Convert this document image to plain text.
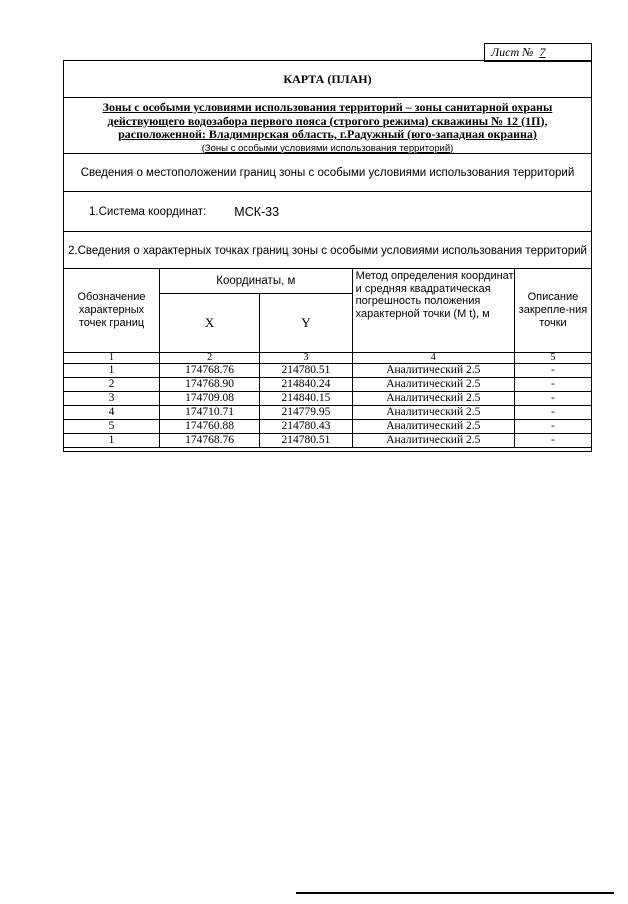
Лист № 7
КАРТА (ПЛАН)
Зоны с особыми условиями использования территорий – зоны санитарной охраны
действующего водозабора первого пояса (строгого режима) скважины № 12 (1П),
расположенной: Владимирская область, г.Радужный (юго-западная окраина)
(Зоны с особыми условиями использования территорий)
Сведения о местоположении границ зоны с особыми условиями использования территорий
1.Система координат: МСК-33
2.Сведения о характерных точках границ зоны с особыми условиями использования территорий
Обозначение характерных точек границ	Координаты, м		Метод определения координат и средняя квадратическая погрешность положения характерной точки (М t), м	Описание закрепле-ния точки
	X	Y		
1	2	3	4	5
1	174768.76	214780.51	Аналитический 2.5	-
2	174768.90	214840.24	Аналитический 2.5	-
3	174709.08	214840.15	Аналитический 2.5	-
4	174710.71	214779.95	Аналитический 2.5	-
5	174760.88	214780.43	Аналитический 2.5	-
1	174768.76	214780.51	Аналитический 2.5	-
